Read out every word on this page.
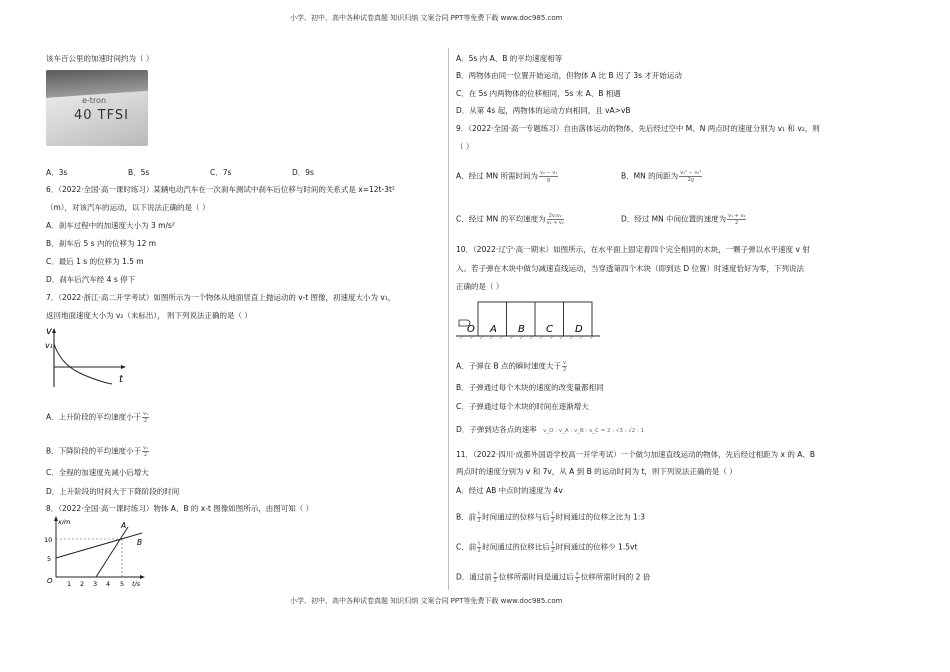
小学、初中、高中各种试卷真题 知识归纳 文案合同 PPT等免费下载 www.doc985.com
小学、初中、高中各种试卷真题 知识归纳 文案合同 PPT等免费下载 www.doc985.com
该车百公里的加速时间约为（ ）
e-tron
40 TFSI
A．3s	B．5s	C．7s	D．9s
6．（2022·全国·高一课时练习）某辆电动汽车在一次刹车测试中刹车后位移与时间的关系式是 x=12t-3t²
（m），对该汽车的运动，以下说法正确的是（ ）
A．刹车过程中的加速度大小为 3 m/s²
B．刹车后 5 s 内的位移为 12 m
C．最后 1 s 的位移为 1.5 m
D．刹车后汽车经 4 s 停下
7．（2022·浙江·高二开学考试）如图所示为一个物体从地面竖直上抛运动的 v-t 图像，初速度大小为 v₁，
返回地面速度大小为 v₂（未标出）， 则下列说法正确的是（ ）
v
v₁
t
A．上升阶段的平均速度小于 $\frac{\text{v₁}}{2}$
B．下降阶段的平均速度小于 $\frac{\text{v₁}}{2}$
C．全程的加速度先减小后增大
D．上升阶段的时间大于下降阶段的时间
8．（2022·全国·高一课时练习）物体 A、B 的 x-t 图像如图所示，由图可知（ ）
x/m
t/s
O
5
10
1 2 3 4 5
A
B
A．5s 内 A、B 的平均速度相等
B．两物体由同一位置开始运动，但物体 A 比 B 迟了 3s 才开始运动
C．在 5s 内两物体的位移相同，5s 末 A、B 相遇
D．从第 4s 起，两物体的运动方向相同，且 vA>vB
9．（2022·全国·高一专题练习）自由落体运动的物体，先后经过空中 M、N 两点时的速度分别为 v₁ 和 v₂，则
（ ）
A．经过 MN 所需时间为 $\frac{\text{v₂ − v₁}}{g}$	B．MN 的间距为 $\frac{\text{v₂² − v₁²}}{2g}$
C．经过 MN 的平均速度为 $\frac{\text{2v₁v₂}}{\text{v₁ + v₂}}$	D．经过 MN 中间位置的速度为 $\frac{\text{v₁ + v₂}}{2}$
10．（2022·辽宁·高一期末）如图所示，在水平面上固定着四个完全相同的木块，一颗子弹以水平速度 v 射
入。若子弹在木块中做匀减速直线运动，当穿透第四个木块（即到达 D 位置）时速度恰好为零，下列说法
正确的是（ ）
O A B C D
A．子弹在 B 点的瞬时速度大于 $\frac{v}{2}$
B．子弹通过每个木块的速度的改变量都相同
C．子弹通过每个木块的时间在逐渐增大
D．子弹到达各点的速率 v_O : v_A : v_B : v_C = 2 : √3 : √2 : 1
11．（2022·四川·成都外国语学校高一开学考试）一个做匀加速直线运动的物体，先后经过相距为 x 的 A、B
两点时的速度分别为 v 和 7v，从 A 到 B 的运动时间为 t，则下列说法正确的是（ ）
A．经过 AB 中点时的速度为 4v
B．前 $\frac{t}{2}$ 时间通过的位移与后 $\frac{t}{2}$ 时间通过的位移之比为 1:3
C．前 $\frac{t}{2}$ 时间通过的位移比后 $\frac{t}{2}$ 时间通过的位移少 1.5vt
D．通过前 $\frac{x}{2}$ 位移所需时间是通过后 $\frac{x}{2}$ 位移所需时间的 2 倍
